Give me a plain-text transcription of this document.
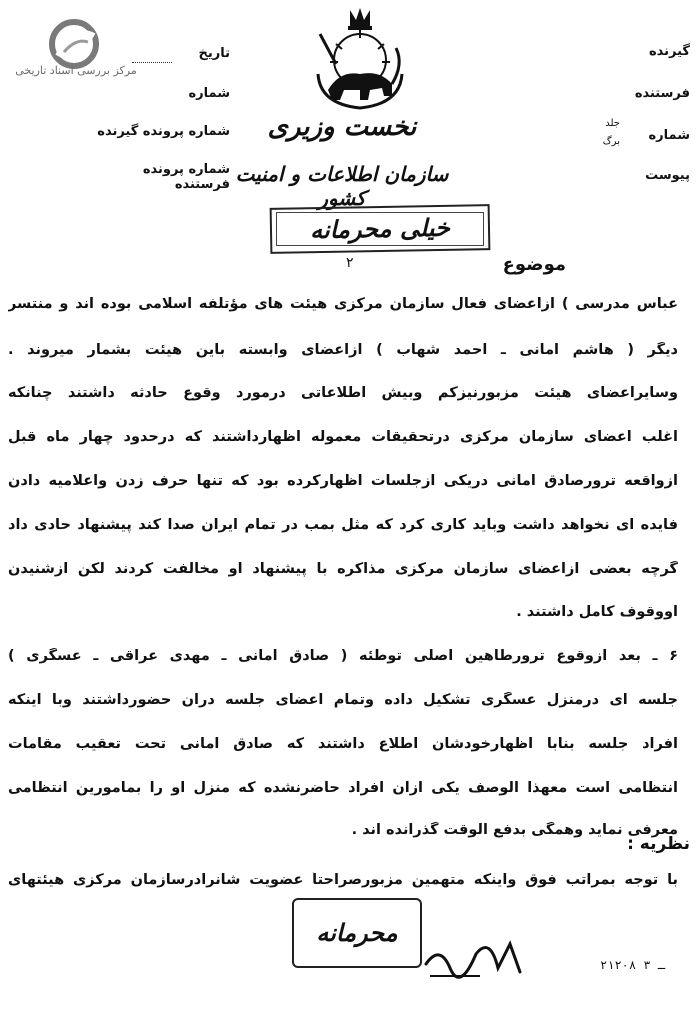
مرکز بررسی اسناد تاریخی
نخست وزیری
سازمان اطلاعات و امنیت کشور
تاریخ
شماره
شماره پرونده گیرنده
شماره پرونده فرستنده
گیرنده
فرستنده
شماره
جلد
برگ
پیوست
خیلی محرمانه
۲	موضوع
عباس مدرسی ) ازاعضای فعال سازمان مرکزی هیئت های مؤتلفه اسلامی بوده اند و منتسر
دیگر ( هاشم امانی ـ احمد شهاب ) ازاعضای وابسته باین هیئت بشمار میروند .
وسایراعضای هیئت مزبورنیزکم وبیش اطلاعاتی درمورد وقوع حادثه داشتند چنانکه
اغلب اعضای سازمان مرکزی درتحقیقات معموله اظهارداشتند که درحدود چهار ماه قبل
ازواقعه ترورصادق امانی دریکی ازجلسات اظهارکرده بود که تنها حرف زدن واعلامیه دادن
فایده ای نخواهد داشت وباید کاری کرد که مثل بمب در تمام ایران صدا کند پیشنهاد حادی داد
گرچه بعضی ازاعضای سازمان مرکزی مذاکره با پیشنهاد او مخالفت کردند لکن ازشنیدن
اووقوف کامل داشتند .
۶ ـ بعد ازوقوع ترورطاهین اصلی توطئه ( صادق امانی ـ مهدی عراقی ـ عسگری )
جلسه ای درمنزل عسگری تشکیل داده وتمام اعضای جلسه درآن حضورداشتند وبا اینکه
افراد جلسه بنابا اظهارخودشان اطلاع داشتند که صادق امانی تحت تعقیب مقامات
انتظامی است معهذا الوصف یکی ازآن افراد حاضرنشده که منزل او را بمامورین انتظامی
معرفی نماید وهمگی بدفع الوقت گذرانده اند .
نظریه :
با توجه بمراتب فوق واینکه متهمین مزبورصراحتاً عضویت شانرادرسازمان مرکزی هیئتهای
محرمانه
۲۱۲۰۸ ـ ۳
